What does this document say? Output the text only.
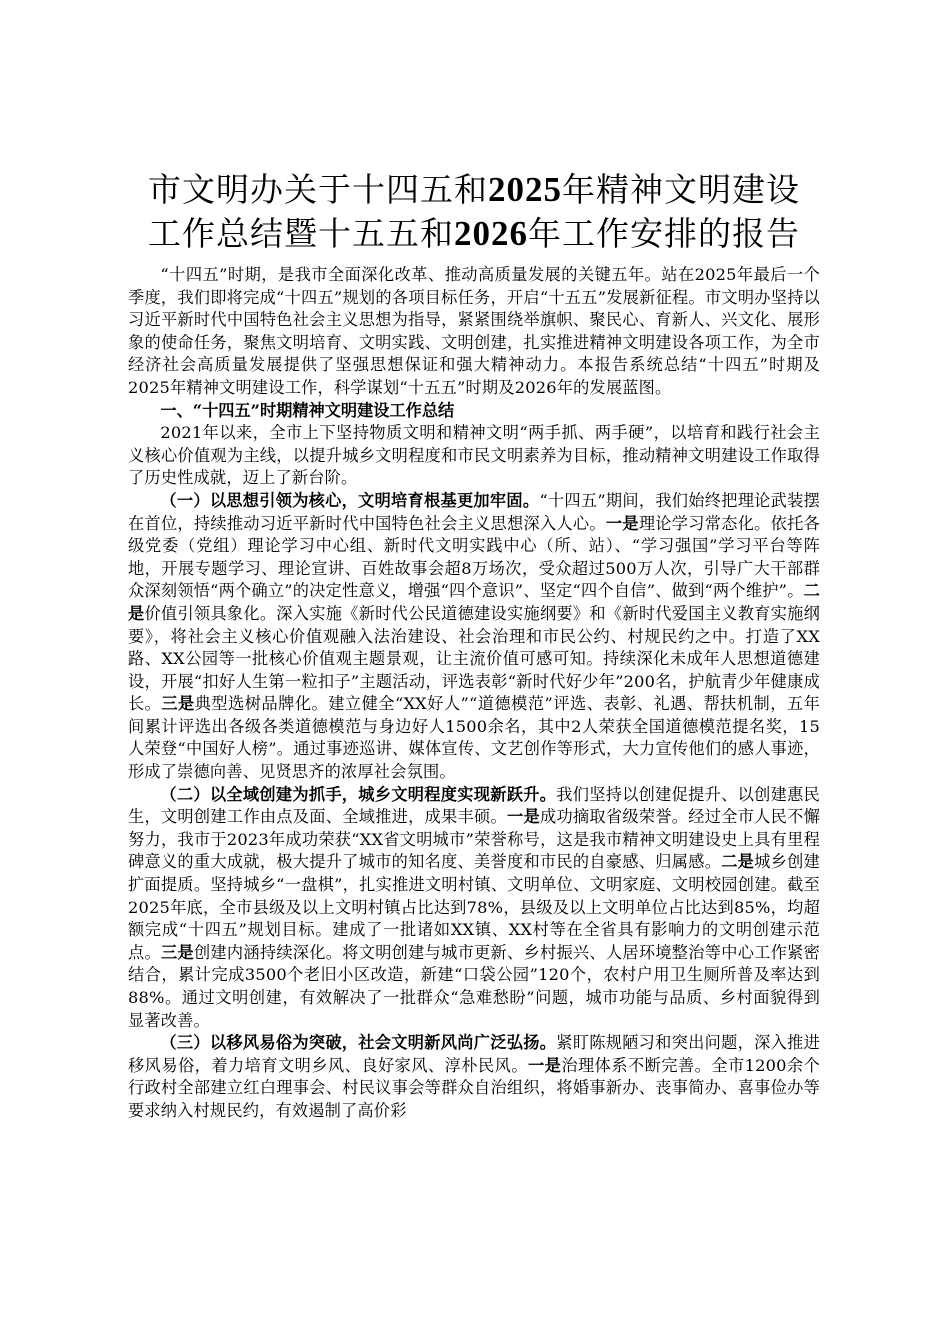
市文明办关于十四五和2025年精神文明建设
工作总结暨十五五和2026年工作安排的报告

“十四五”时期，是我市全面深化改革、推动高质量发展的关键五年。站在2025年最后一个季度，我们即将完成“十四五”规划的各项目标任务，开启“十五五”发展新征程。市文明办坚持以习近平新时代中国特色社会主义思想为指导，紧紧围绕举旗帜、聚民心、育新人、兴文化、展形象的使命任务，聚焦文明培育、文明实践、文明创建，扎实推进精神文明建设各项工作，为全市经济社会高质量发展提供了坚强思想保证和强大精神动力。本报告系统总结“十四五”时期及2025年精神文明建设工作，科学谋划“十五五”时期及2026年的发展蓝图。

一、“十四五”时期精神文明建设工作总结

2021年以来，全市上下坚持物质文明和精神文明“两手抓、两手硬”，以培育和践行社会主义核心价值观为主线，以提升城乡文明程度和市民文明素养为目标，推动精神文明建设工作取得了历史性成就，迈上了新台阶。

（一）以思想引领为核心，文明培育根基更加牢固。“十四五”期间，我们始终把理论武装摆在首位，持续推动习近平新时代中国特色社会主义思想深入人心。一是理论学习常态化。依托各级党委（党组）理论学习中心组、新时代文明实践中心（所、站）、“学习强国”学习平台等阵地，开展专题学习、理论宣讲、百姓故事会超8万场次，受众超过500万人次，引导广大干部群众深刻领悟“两个确立”的决定性意义，增强“四个意识”、坚定“四个自信”、做到“两个维护”。二是价值引领具象化。深入实施《新时代公民道德建设实施纲要》和《新时代爱国主义教育实施纲要》，将社会主义核心价值观融入法治建设、社会治理和市民公约、村规民约之中。打造了XX路、XX公园等一批核心价值观主题景观，让主流价值可感可知。持续深化未成年人思想道德建设，开展“扣好人生第一粒扣子”主题活动，评选表彰“新时代好少年”200名，护航青少年健康成长。三是典型选树品牌化。建立健全“XX好人”“道德模范”评选、表彰、礼遇、帮扶机制，五年间累计评选出各级各类道德模范与身边好人1500余名，其中2人荣获全国道德模范提名奖，15人荣登“中国好人榜”。通过事迹巡讲、媒体宣传、文艺创作等形式，大力宣传他们的感人事迹，形成了崇德向善、见贤思齐的浓厚社会氛围。

（二）以全域创建为抓手，城乡文明程度实现新跃升。我们坚持以创建促提升、以创建惠民生，文明创建工作由点及面、全域推进，成果丰硕。一是成功摘取省级荣誉。经过全市人民不懈努力，我市于2023年成功荣获“XX省文明城市”荣誉称号，这是我市精神文明建设史上具有里程碑意义的重大成就，极大提升了城市的知名度、美誉度和市民的自豪感、归属感。二是城乡创建扩面提质。坚持城乡“一盘棋”，扎实推进文明村镇、文明单位、文明家庭、文明校园创建。截至2025年底，全市县级及以上文明村镇占比达到78%，县级及以上文明单位占比达到85%，均超额完成“十四五”规划目标。建成了一批诸如XX镇、XX村等在全省具有影响力的文明创建示范点。三是创建内涵持续深化。将文明创建与城市更新、乡村振兴、人居环境整治等中心工作紧密结合，累计完成3500个老旧小区改造，新建“口袋公园”120个，农村户用卫生厕所普及率达到88%。通过文明创建，有效解决了一批群众“急难愁盼”问题，城市功能与品质、乡村面貌得到显著改善。

（三）以移风易俗为突破，社会文明新风尚广泛弘扬。紧盯陈规陋习和突出问题，深入推进移风易俗，着力培育文明乡风、良好家风、淳朴民风。一是治理体系不断完善。全市1200余个行政村全部建立红白理事会、村民议事会等群众自治组织，将婚事新办、丧事简办、喜事俭办等要求纳入村规民约，有效遏制了高价彩
